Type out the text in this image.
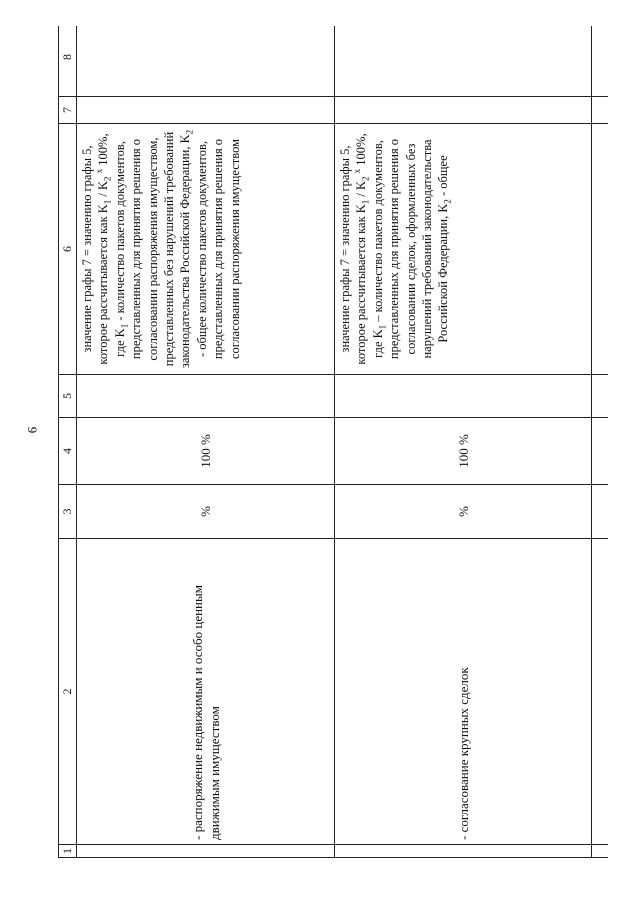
9
1	2	3	4	5	6	7	8
	- распоряжение недвижимым и особо ценным движимым имуществом	%	100 %		значение графы 7 = значению графы 5, которое рассчитывается как $K_1 / K_2$ $^x$ 100%, где $K_1$ - количество пакетов документов, представленных для принятия решения о согласовании распоряжения имуществом, представленных без нарушений требований законодательства Российской Федерации, $K_2$ - общее количество пакетов документов, представленных для принятия решения о согласовании распоряжения имуществом		
	- согласование крупных сделок	%	100 %		значение графы 7 = значению графы 5, которое рассчитывается как $K_1 / K_2$ $^x$ 100%, где $K_1$ – количество пакетов документов, представленных для принятия решения о согласовании сделок, оформленных без нарушений требований законодательства Российской Федерации, $K_2$ - общее		
